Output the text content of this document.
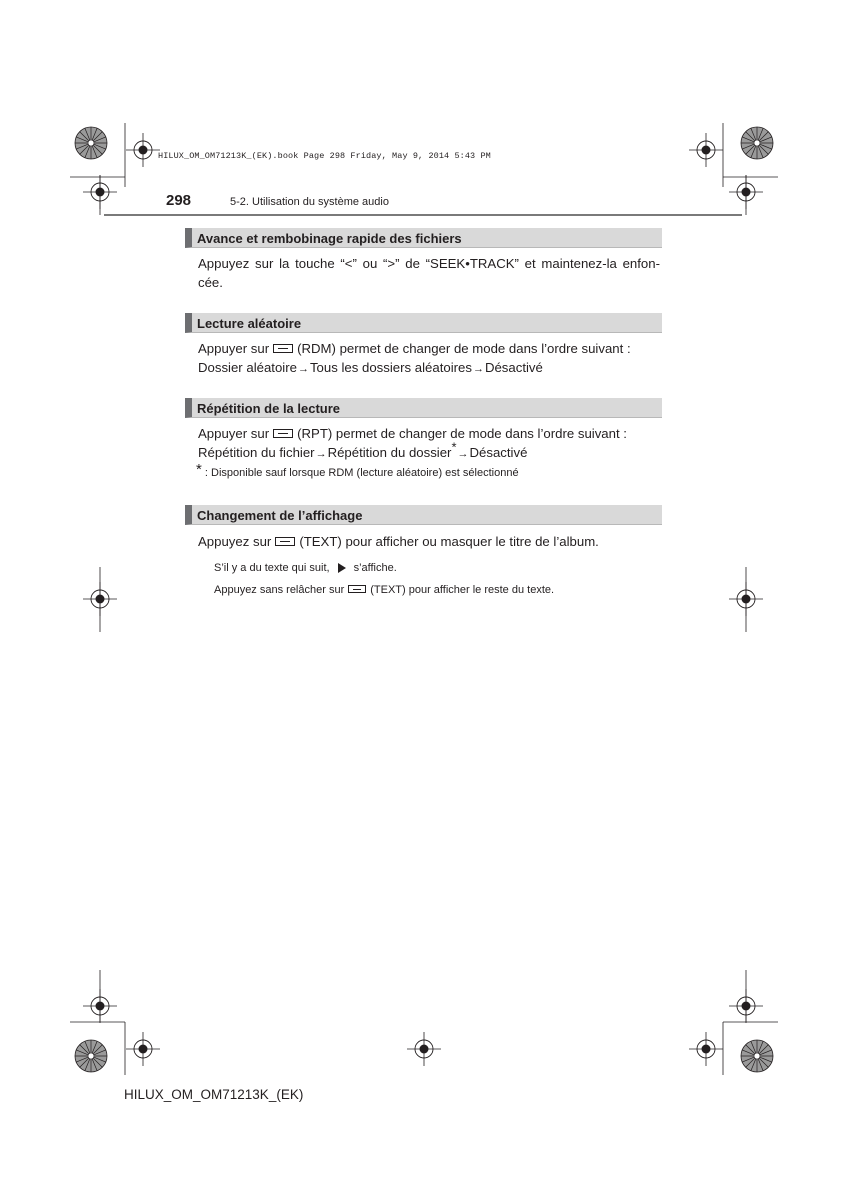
HILUX_OM_OM71213K_(EK).book Page 298 Friday, May 9, 2014 5:43 PM
298	5-2. Utilisation du système audio
Avance et rembobinage rapide des fichiers
Appuyez sur la touche “<” ou “>” de “SEEK•TRACK” et maintenez-la enfon-cée.
Lecture aléatoire
Appuyer sur (RDM) permet de changer de mode dans l’ordre suivant :
Dossier aléatoire→Tous les dossiers aléatoires→Désactivé
Répétition de la lecture
Appuyer sur (RPT) permet de changer de mode dans l’ordre suivant :
Répétition du fichier→Répétition du dossier*→Désactivé
* : Disponible sauf lorsque RDM (lecture aléatoire) est sélectionné
Changement de l’affichage
Appuyez sur (TEXT) pour afficher ou masquer le titre de l’album.
S’il y a du texte qui suit, s’affiche.
Appuyez sans relâcher sur (TEXT) pour afficher le reste du texte.
HILUX_OM_OM71213K_(EK)
